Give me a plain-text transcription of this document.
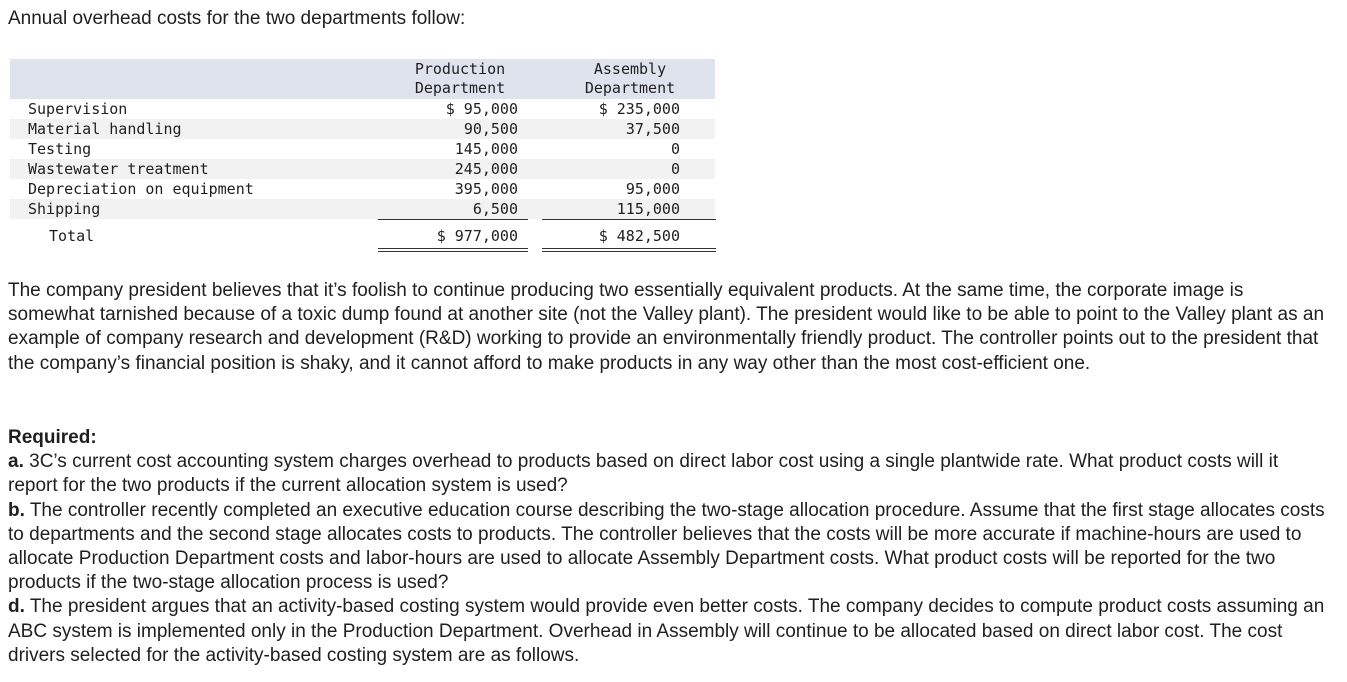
Annual overhead costs for the two departments follow:

Production
Department
Assembly
Department
Supervision
Material handling
Testing
Wastewater treatment
Depreciation on equipment
Shipping
$ 95,000
90,500
145,000
245,000
395,000
6,500
$ 235,000
37,500
0
0
95,000
115,000
Total	$ 977,000	$ 482,500

The company president believes that it’s foolish to continue producing two essentially equivalent products. At the same time, the corporate image is somewhat tarnished because of a toxic dump found at another site (not the Valley plant). The president would like to be able to point to the Valley plant as an example of company research and development (R&D) working to provide an environmentally friendly product. The controller points out to the president that the company’s financial position is shaky, and it cannot afford to make products in any way other than the most cost-efficient one.

Required:

a. 3C’s current cost accounting system charges overhead to products based on direct labor cost using a single plantwide rate. What product costs will it report for the two products if the current allocation system is used?

b. The controller recently completed an executive education course describing the two-stage allocation procedure. Assume that the first stage allocates costs to departments and the second stage allocates costs to products. The controller believes that the costs will be more accurate if machine-hours are used to allocate Production Department costs and labor-hours are used to allocate Assembly Department costs. What product costs will be reported for the two products if the two-stage allocation process is used?

d. The president argues that an activity-based costing system would provide even better costs. The company decides to compute product costs assuming an ABC system is implemented only in the Production Department. Overhead in Assembly will continue to be allocated based on direct labor cost. The cost drivers selected for the activity-based costing system are as follows.
